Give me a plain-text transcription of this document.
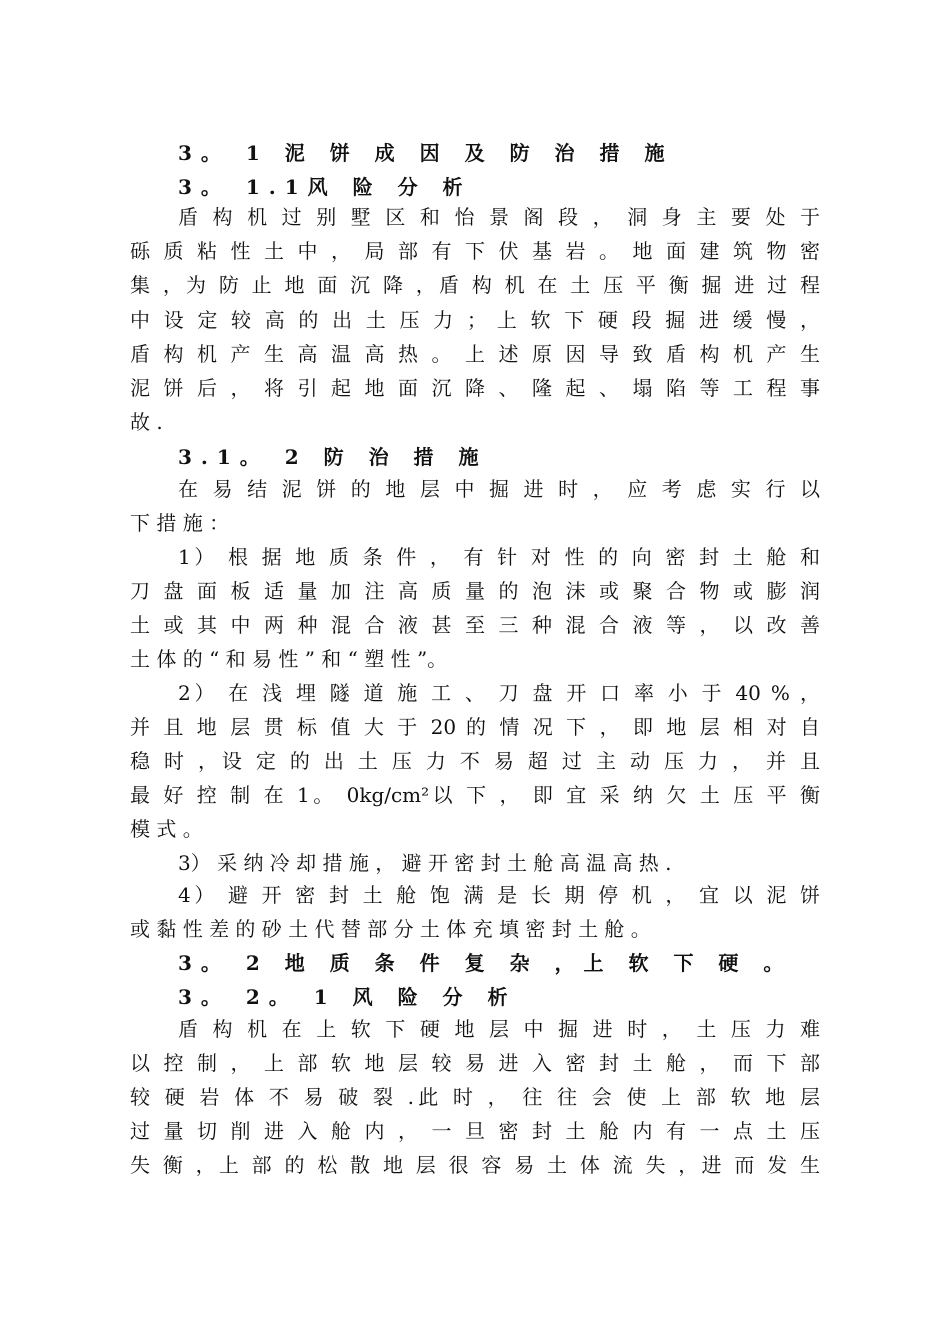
3。 1 泥 饼 成 因 及 防 治 措 施
3。 1.1风 险 分 析
盾 构 机 过 别 墅 区 和 怡 景 阁 段 ， 洞 身 主 要 处 于
砾 质 粘 性 土 中 ， 局 部 有 下 伏 基 岩 。 地 面 建 筑 物 密
集 ，为 防 止 地 面 沉 降 ，盾 构 机 在 土 压 平 衡 掘 进 过 程
中 设 定 较 高 的 出 土 压 力 ； 上 软 下 硬 段 掘 进 缓 慢 ，
盾 构 机 产 生 高 温 高 热 。 上 述 原 因 导 致 盾 构 机 产 生
泥 饼 后 ， 将 引 起 地 面 沉 降 、 隆 起 、 塌 陷 等 工 程 事
故 .
3.1。 2 防 治 措 施
在 易 结 泥 饼 的 地 层 中 掘 进 时 ， 应 考 虑 实 行 以
下 措 施 ：
1） 根 据 地 质 条 件 ， 有 针 对 性 的 向 密 封 土 舱 和
刀 盘 面 板 适 量 加 注 高 质 量 的 泡 沫 或 聚 合 物 或 膨 润
土 或 其 中 两 种 混 合 液 甚 至 三 种 混 合 液 等 ， 以 改 善
土 体 的 “ 和 易 性 ” 和 “ 塑 性 ”。
2） 在 浅 埋 隧 道 施 工 、 刀 盘 开 口 率 小 于 40 % ，
并 且 地 层 贯 标 值 大 于 20 的 情 况 下 ， 即 地 层 相 对 自
稳 时 ，设 定 的 出 土 压 力 不 易 超 过 主 动 压 力 ， 并 且
最 好 控 制 在 1。 0kg/cm²以 下 ， 即 宜 采 纳 欠 土 压 平 衡
模 式 。
3） 采 纳 冷 却 措 施 ， 避 开 密 封 土 舱 高 温 高 热 .
4） 避 开 密 封 土 舱 饱 满 是 长 期 停 机 ， 宜 以 泥 饼
或 黏 性 差 的 砂 土 代 替 部 分 土 体 充 填 密 封 土 舱 。
3。 2 地 质 条 件 复 杂 ，上 软 下 硬 。
3。 2。 1 风 险 分 析
盾 构 机 在 上 软 下 硬 地 层 中 掘 进 时 ， 土 压 力 难
以 控 制 ， 上 部 软 地 层 较 易 进 入 密 封 土 舱 ， 而 下 部
较 硬 岩 体 不 易 破 裂 .此 时 ， 往 往 会 使 上 部 软 地 层
过 量 切 削 进 入 舱 内 ， 一 旦 密 封 土 舱 内 有 一 点 土 压
失 衡 ，上 部 的 松 散 地 层 很 容 易 土 体 流 失 ，进 而 发 生
